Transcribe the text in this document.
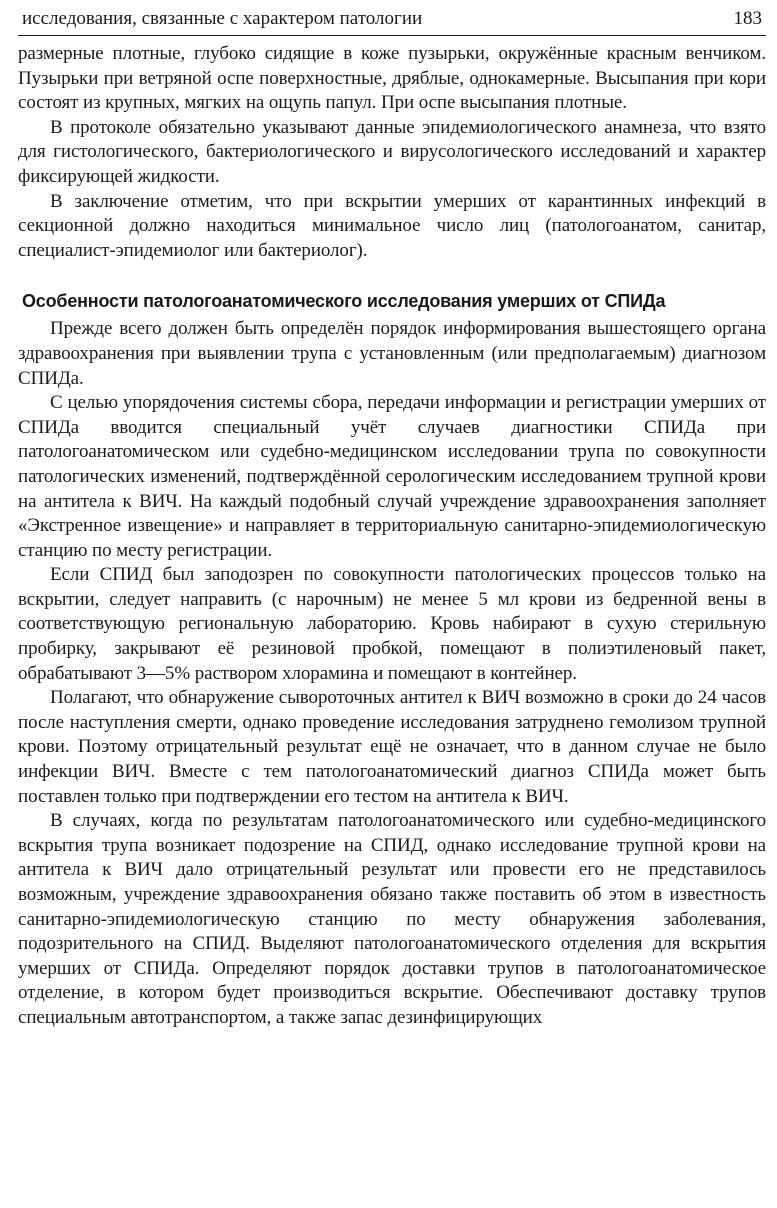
исследования, связанные с характером патологии	183

размерные плотные, глубоко сидящие в коже пузырьки, окружённые красным венчиком. Пузырьки при ветряной оспе поверхностные, дряблые, однокамерные. Высыпания при кори состоят из крупных, мягких на ощупь папул. При оспе высыпания плотные.

В протоколе обязательно указывают данные эпидемиологического анамнеза, что взято для гистологического, бактериологического и вирусологического исследований и характер фиксирующей жидкости.

В заключение отметим, что при вскрытии умерших от карантинных инфекций в секционной должно находиться минимальное число лиц (патологоанатом, санитар, специалист-эпидемиолог или бактериолог).

Особенности патологоанатомического исследования умерших от СПИДа

Прежде всего должен быть определён порядок информирования вышестоящего органа здравоохранения при выявлении трупа с установленным (или предполагаемым) диагнозом СПИДа.

С целью упорядочения системы сбора, передачи информации и регистрации умерших от СПИДа вводится специальный учёт случаев диагностики СПИДа при патологоанатомическом или судебно-медицинском исследовании трупа по совокупности патологических изменений, подтверждённой серологическим исследованием трупной крови на антитела к ВИЧ. На каждый подобный случай учреждение здравоохранения заполняет «Экстренное извещение» и направляет в территориальную санитарно-эпидемиологическую станцию по месту регистрации.

Если СПИД был заподозрен по совокупности патологических процессов только на вскрытии, следует направить (с нарочным) не менее 5 мл крови из бедренной вены в соответствующую региональную лабораторию. Кровь набирают в сухую стерильную пробирку, закрывают её резиновой пробкой, помещают в полиэтиленовый пакет, обрабатывают 3—5% раствором хлорамина и помещают в контейнер.

Полагают, что обнаружение сывороточных антител к ВИЧ возможно в сроки до 24 часов после наступления смерти, однако проведение исследования затруднено гемолизом трупной крови. Поэтому отрицательный результат ещё не означает, что в данном случае не было инфекции ВИЧ. Вместе с тем патологоанатомический диагноз СПИДа может быть поставлен только при подтверждении его тестом на антитела к ВИЧ.

В случаях, когда по результатам патологоанатомического или судебно-медицинского вскрытия трупа возникает подозрение на СПИД, однако исследование трупной крови на антитела к ВИЧ дало отрицательный результат или провести его не представилось возможным, учреждение здравоохранения обязано также поставить об этом в известность санитарно-эпидемиологическую станцию по месту обнаружения заболевания, подозрительного на СПИД. Выделяют патологоанатомического отделения для вскрытия умерших от СПИДа. Определяют порядок доставки трупов в патологоанатомическое отделение, в котором будет производиться вскрытие. Обеспечивают доставку трупов специальным автотранспортом, а также запас дезинфицирующих
